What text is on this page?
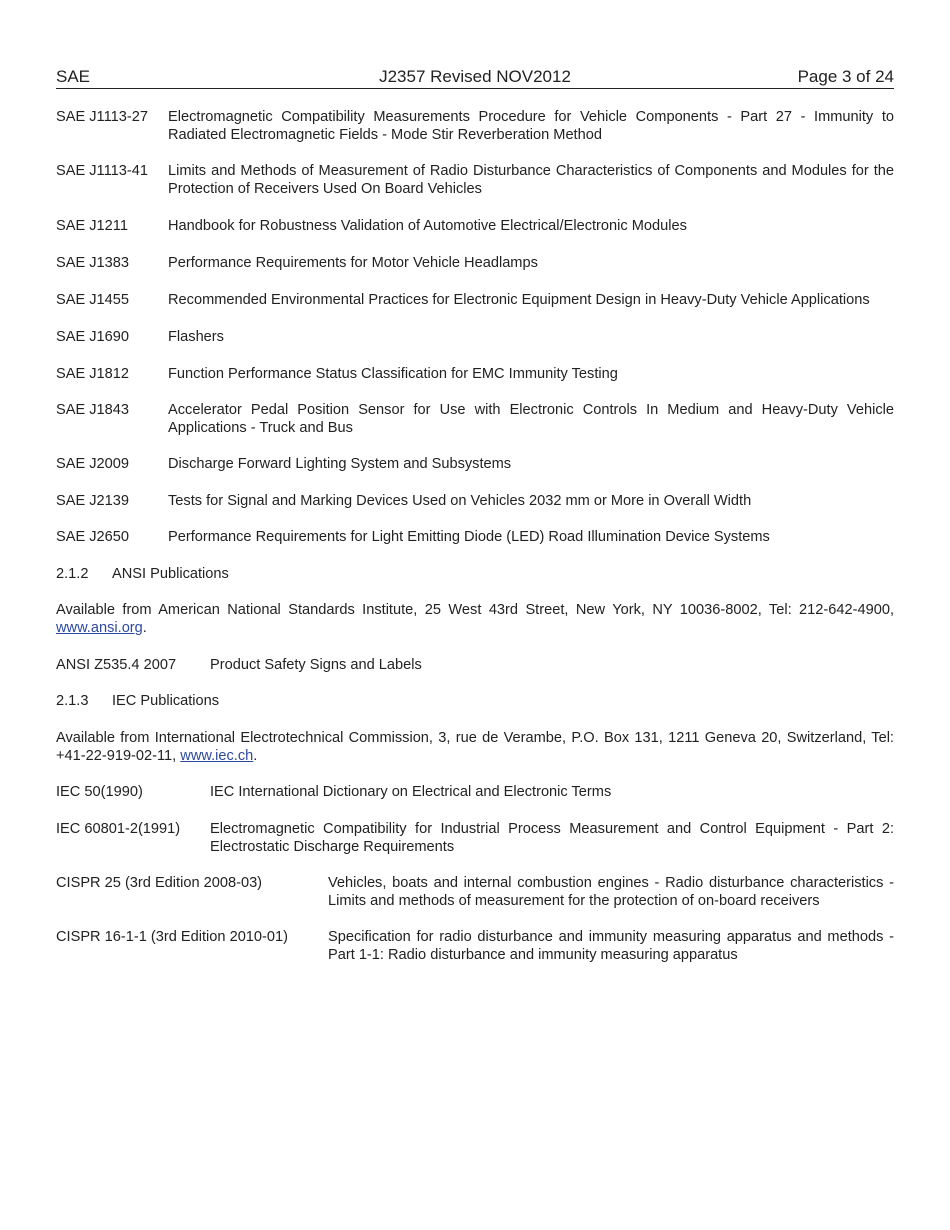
SAE	J2357 Revised NOV2012	Page 3 of 24
SAE J1113-27	Electromagnetic Compatibility Measurements Procedure for Vehicle Components - Part 27 - Immunity to Radiated Electromagnetic Fields - Mode Stir Reverberation Method
SAE J1113-41	Limits and Methods of Measurement of Radio Disturbance Characteristics of Components and Modules for the Protection of Receivers Used On Board Vehicles
SAE J1211	Handbook for Robustness Validation of Automotive Electrical/Electronic Modules
SAE J1383	Performance Requirements for Motor Vehicle Headlamps
SAE J1455	Recommended Environmental Practices for Electronic Equipment Design in Heavy-Duty Vehicle Applications
SAE J1690	Flashers
SAE J1812	Function Performance Status Classification for EMC Immunity Testing
SAE J1843	Accelerator Pedal Position Sensor for Use with Electronic Controls In Medium and Heavy-Duty Vehicle Applications - Truck and Bus
SAE J2009	Discharge Forward Lighting System and Subsystems
SAE J2139	Tests for Signal and Marking Devices Used on Vehicles 2032 mm or More in Overall Width
SAE J2650	Performance Requirements for Light Emitting Diode (LED) Road Illumination Device Systems
2.1.2	ANSI Publications
Available from American National Standards Institute, 25 West 43rd Street, New York, NY 10036-8002, Tel: 212-642-4900, www.ansi.org.
ANSI Z535.4 2007	Product Safety Signs and Labels
2.1.3	IEC Publications
Available from International Electrotechnical Commission, 3, rue de Verambe, P.O. Box 131, 1211 Geneva 20, Switzerland, Tel: +41-22-919-02-11, www.iec.ch.
IEC 50(1990)	IEC International Dictionary on Electrical and Electronic Terms
IEC 60801-2(1991)	Electromagnetic Compatibility for Industrial Process Measurement and Control Equipment - Part 2: Electrostatic Discharge Requirements
CISPR 25 (3rd Edition 2008-03)	Vehicles, boats and internal combustion engines - Radio disturbance characteristics - Limits and methods of measurement for the protection of on-board receivers
CISPR 16-1-1 (3rd Edition 2010-01)	Specification for radio disturbance and immunity measuring apparatus and methods - Part 1-1: Radio disturbance and immunity measuring apparatus
